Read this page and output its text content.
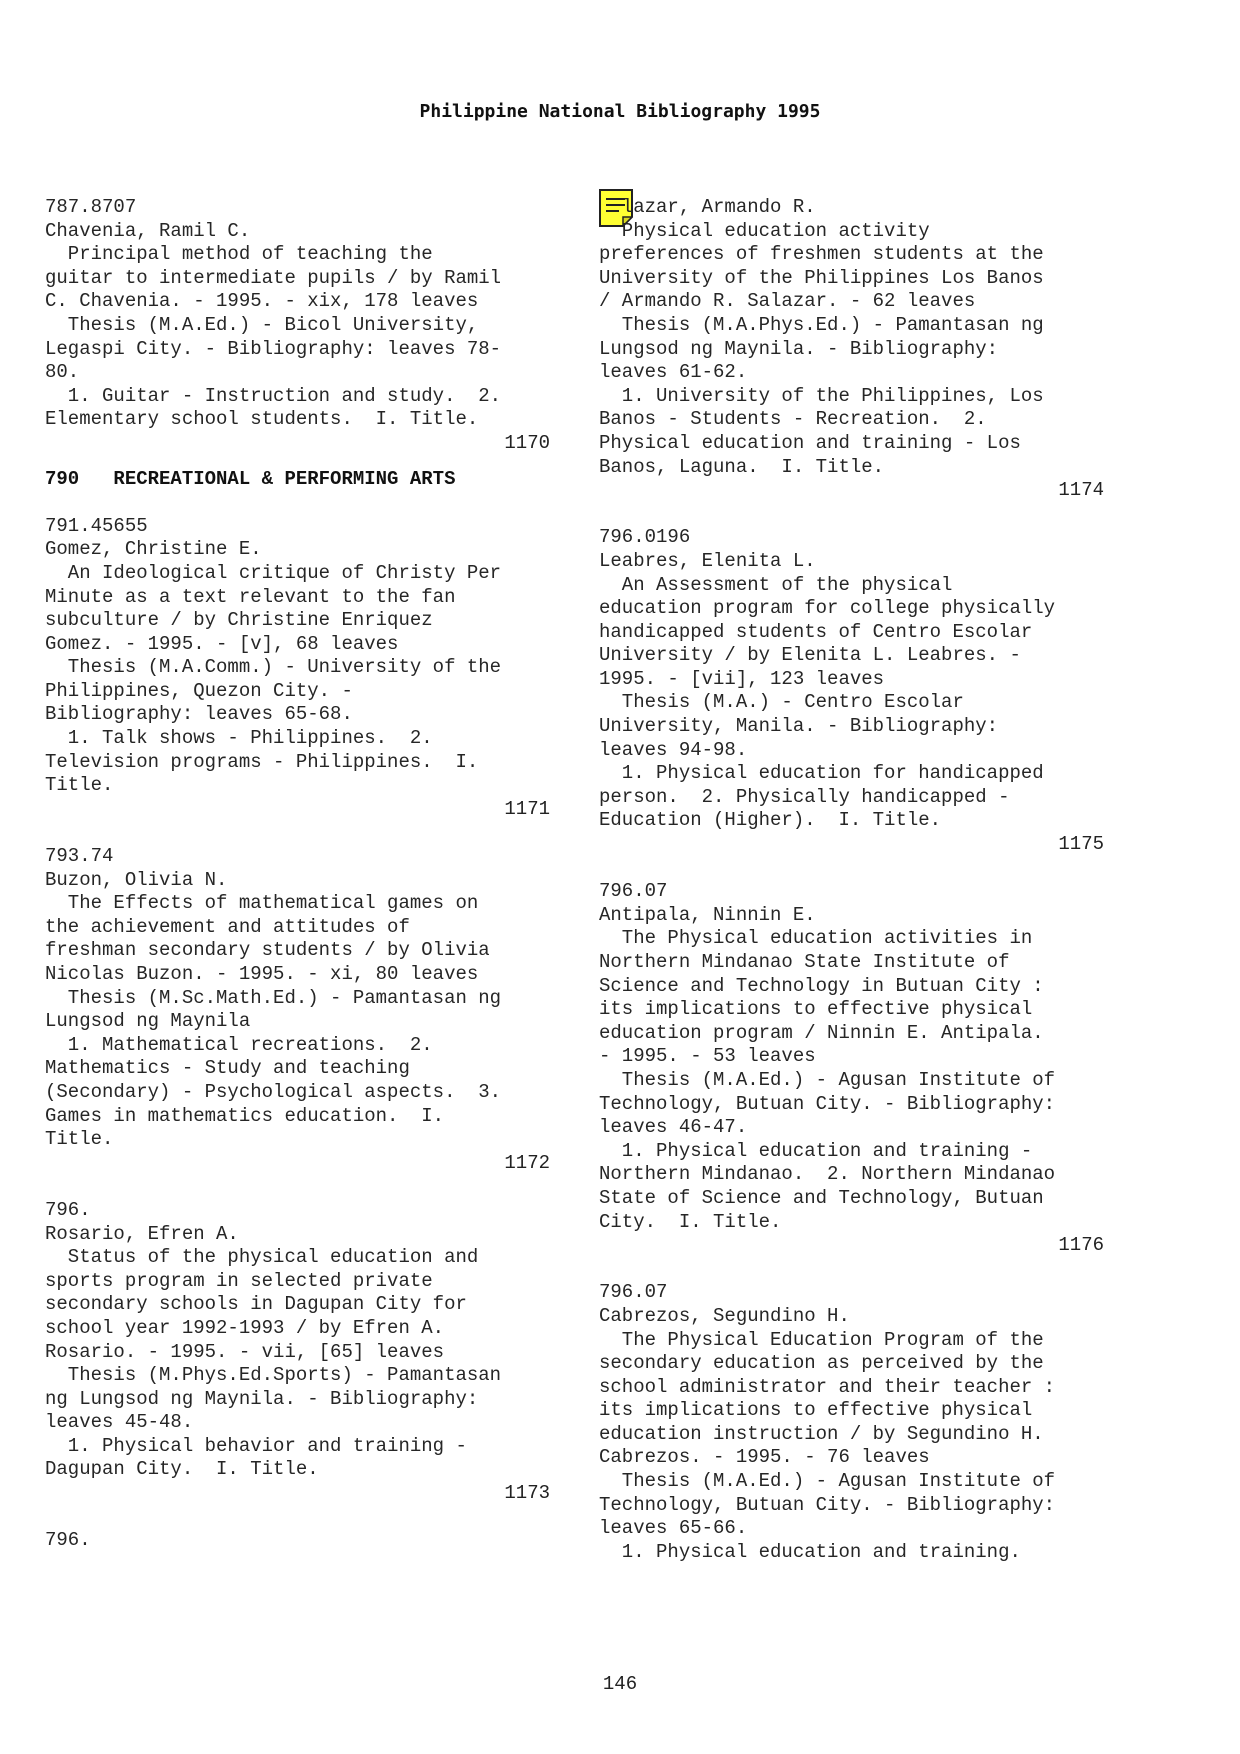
Philippine National Bibliography 1995
787.8707
Chavenia, Ramil C.
Principal method of teaching the
guitar to intermediate pupils / by Ramil
C. Chavenia. - 1995. - xix, 178 leaves
Thesis (M.A.Ed.) - Bicol University,
Legaspi City. - Bibliography: leaves 78-
80.
1. Guitar - Instruction and study.  2.
Elementary school students.  I. Title.
1170
790   RECREATIONAL & PERFORMING ARTS
791.45655
Gomez, Christine E.
An Ideological critique of Christy Per
Minute as a text relevant to the fan
subculture / by Christine Enriquez
Gomez. - 1995. - [v], 68 leaves
Thesis (M.A.Comm.) - University of the
Philippines, Quezon City. -
Bibliography: leaves 65-68.
1. Talk shows - Philippines.  2.
Television programs - Philippines.  I.
Title.
1171
793.74
Buzon, Olivia N.
The Effects of mathematical games on
the achievement and attitudes of
freshman secondary students / by Olivia
Nicolas Buzon. - 1995. - xi, 80 leaves
Thesis (M.Sc.Math.Ed.) - Pamantasan ng
Lungsod ng Maynila
1. Mathematical recreations.  2.
Mathematics - Study and teaching
(Secondary) - Psychological aspects.  3.
Games in mathematics education.  I.
Title.
1172
796.
Rosario, Efren A.
Status of the physical education and
sports program in selected private
secondary schools in Dagupan City for
school year 1992-1993 / by Efren A.
Rosario. - 1995. - vii, [65] leaves
Thesis (M.Phys.Ed.Sports) - Pamantasan
ng Lungsod ng Maynila. - Bibliography:
leaves 45-48.
1. Physical behavior and training -
Dagupan City.  I. Title.
1173
796.
lazar, Armando R.
Physical education activity
preferences of freshmen students at the
University of the Philippines Los Banos
/ Armando R. Salazar. - 62 leaves
Thesis (M.A.Phys.Ed.) - Pamantasan ng
Lungsod ng Maynila. - Bibliography:
leaves 61-62.
1. University of the Philippines, Los
Banos - Students - Recreation.  2.
Physical education and training - Los
Banos, Laguna.  I. Title.
1174
796.0196
Leabres, Elenita L.
An Assessment of the physical
education program for college physically
handicapped students of Centro Escolar
University / by Elenita L. Leabres. -
1995. - [vii], 123 leaves
Thesis (M.A.) - Centro Escolar
University, Manila. - Bibliography:
leaves 94-98.
1. Physical education for handicapped
person.  2. Physically handicapped -
Education (Higher).  I. Title.
1175
796.07
Antipala, Ninnin E.
The Physical education activities in
Northern Mindanao State Institute of
Science and Technology in Butuan City :
its implications to effective physical
education program / Ninnin E. Antipala.
- 1995. - 53 leaves
Thesis (M.A.Ed.) - Agusan Institute of
Technology, Butuan City. - Bibliography:
leaves 46-47.
1. Physical education and training -
Northern Mindanao.  2. Northern Mindanao
State of Science and Technology, Butuan
City.  I. Title.
1176
796.07
Cabrezos, Segundino H.
The Physical Education Program of the
secondary education as perceived by the
school administrator and their teacher :
its implications to effective physical
education instruction / by Segundino H.
Cabrezos. - 1995. - 76 leaves
Thesis (M.A.Ed.) - Agusan Institute of
Technology, Butuan City. - Bibliography:
leaves 65-66.
1. Physical education and training.
146
